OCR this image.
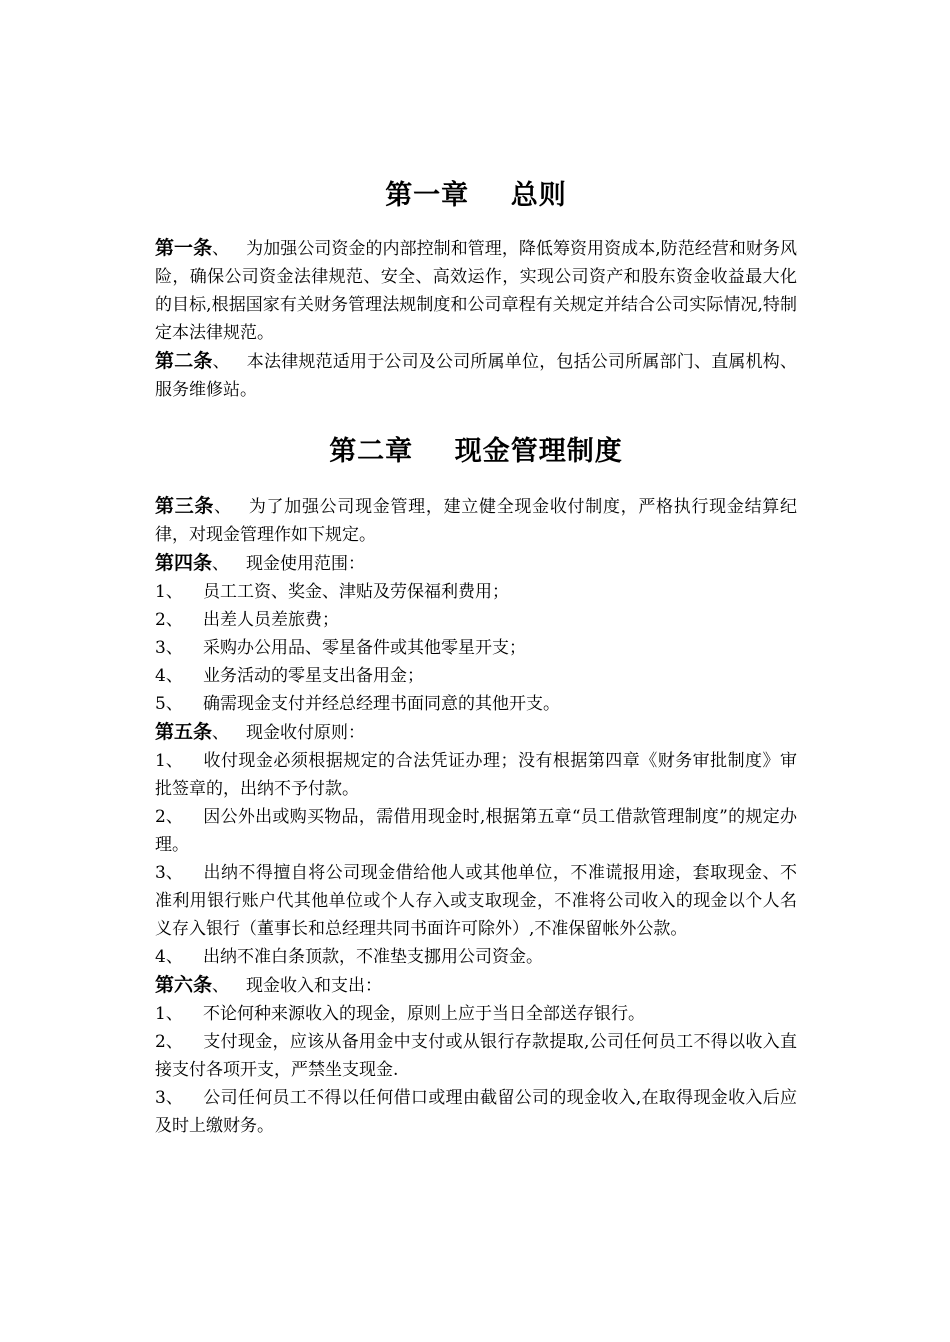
第一章    总则

第一条、 为加强公司资金的内部控制和管理，降低筹资用资成本,防范经营和财务风险，确保公司资金法律规范、安全、高效运作，实现公司资产和股东资金收益最大化的目标,根据国家有关财务管理法规制度和公司章程有关规定并结合公司实际情况,特制定本法律规范。

第二条、 本法律规范适用于公司及公司所属单位，包括公司所属部门、直属机构、服务维修站。

第二章    现金管理制度

第三条、 为了加强公司现金管理，建立健全现金收付制度，严格执行现金结算纪律，对现金管理作如下规定。

第四条、 现金使用范围：

1、 员工工资、奖金、津贴及劳保福利费用；

2、 出差人员差旅费；

3、 采购办公用品、零星备件或其他零星开支；

4、 业务活动的零星支出备用金；

5、 确需现金支付并经总经理书面同意的其他开支。

第五条、 现金收付原则：

1、 收付现金必须根据规定的合法凭证办理；没有根据第四章《财务审批制度》审批签章的，出纳不予付款。

2、 因公外出或购买物品，需借用现金时,根据第五章“员工借款管理制度”的规定办理。

3、 出纳不得擅自将公司现金借给他人或其他单位，不准谎报用途，套取现金、不准利用银行账户代其他单位或个人存入或支取现金，不准将公司收入的现金以个人名义存入银行（董事长和总经理共同书面许可除外）,不准保留帐外公款。

4、 出纳不准白条顶款，不准垫支挪用公司资金。

第六条、 现金收入和支出：

1、 不论何种来源收入的现金，原则上应于当日全部送存银行。

2、 支付现金，应该从备用金中支付或从银行存款提取,公司任何员工不得以收入直接支付各项开支，严禁坐支现金.

3、 公司任何员工不得以任何借口或理由截留公司的现金收入,在取得现金收入后应及时上缴财务。
